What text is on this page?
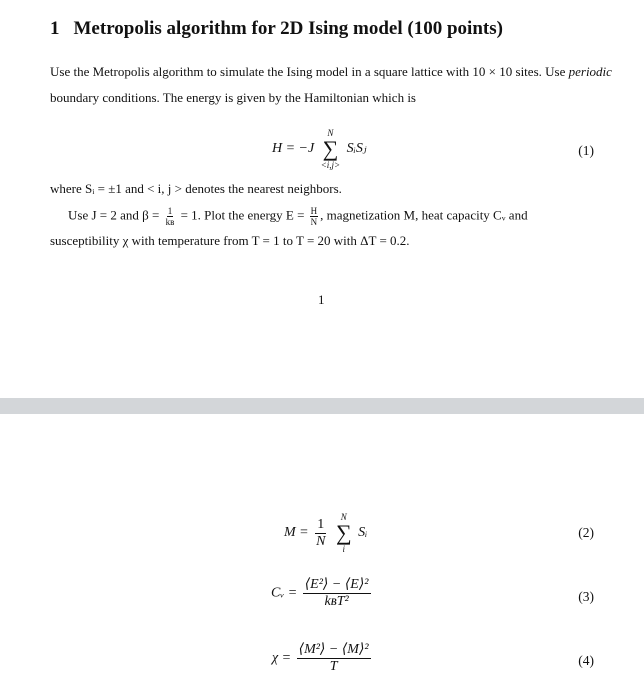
1 Metropolis algorithm for 2D Ising model (100 points)
Use the Metropolis algorithm to simulate the Ising model in a square lattice with 10 × 10 sites. Use periodic
boundary conditions. The energy is given by the Hamiltonian which is
H = −J
N
∑
<i,j>
SᵢSⱼ	(1)
where Sᵢ = ±1 and < i, j > denotes the nearest neighbors.
Use J = 2 and $\beta = \frac{1}{\text{kʙ}} = 1$. Plot the energy $E = \frac{H}{N}$ , magnetization M, heat capacity Cᵥ and
susceptibility χ with temperature from T = 1 to T = 20 with ΔT = 0.2.
1
$M = \frac{1}{N}$

N
∑
i
Sᵢ	(2)
Cᵥ = $\frac{\text{⟨E²⟩ − ⟨E⟩²}}{\text{kʙT²}}$	(3)
$\chi = \frac{\text{⟨M²⟩ − ⟨M⟩²}}{T}$	(4)
